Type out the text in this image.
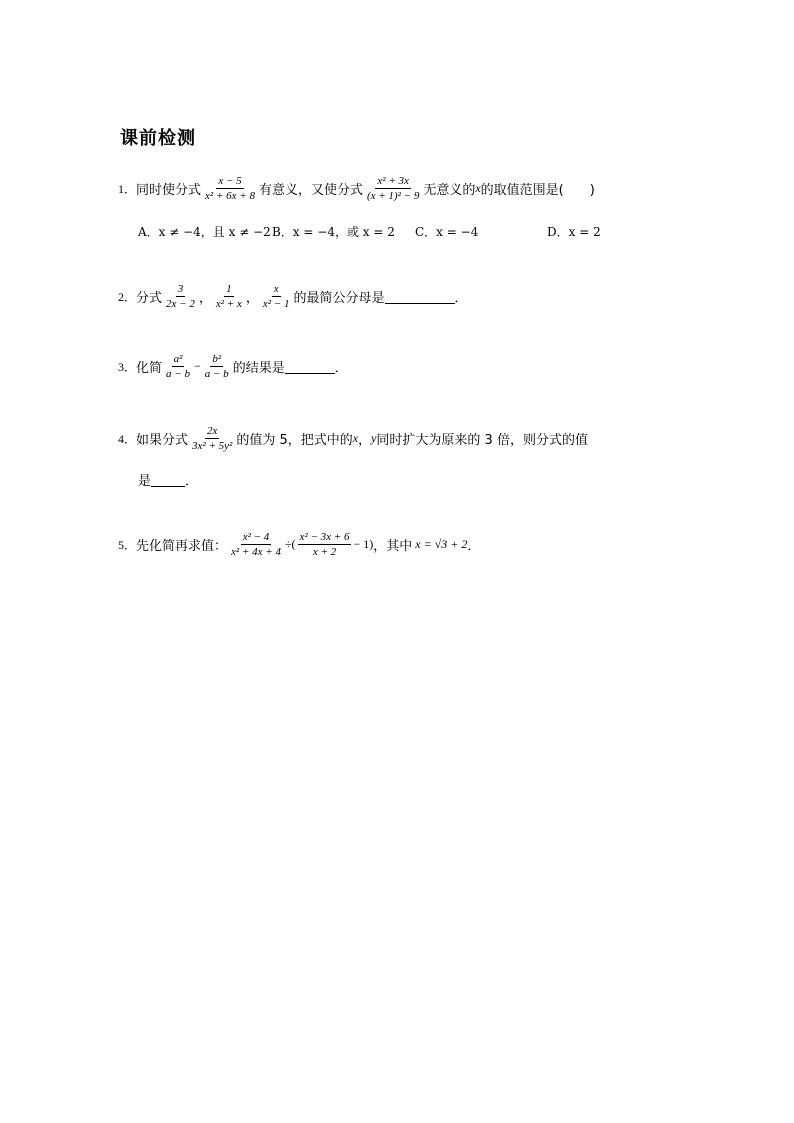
课前检测
1． 同时使分式 $\frac{x - 5}{\text{x² + 6x + 8}}$ 有意义，又使分式 $\frac{\text{x² + 3x}}{\text{(x + 1)² − 9}}$ 无意义的 x 的取值范围是(　　)
A．x ≠ −4，且 x ≠ −2 B．x = −4，或 x = 2 C．x = −4	D．x = 2
2． 分式 $\frac{3}{2x - 2}$ ， $\frac{1}{\text{x² + x}}$ ， $\frac{x}{\text{x² − 1}}$ 的最简公分母是	．
3． 化简 $\frac{\text{a²}}{a - b} - \frac{\text{b²}}{a - b}$ 的结果是	．
4． 如果分式 $\frac{2x}{\text{3x² + 5y²}}$ 的值为 5，把式中的 x ， y 同时扩大为原来的 3 倍，则分式的值
是	．
5． 先化简再求值： $\frac{\text{x² − 4}}{\text{x² + 4x + 4}}$ ÷( $\frac{\text{x² − 3x + 6}}{x + 2} - 1$) ，其中 x = √3 + 2 ．
